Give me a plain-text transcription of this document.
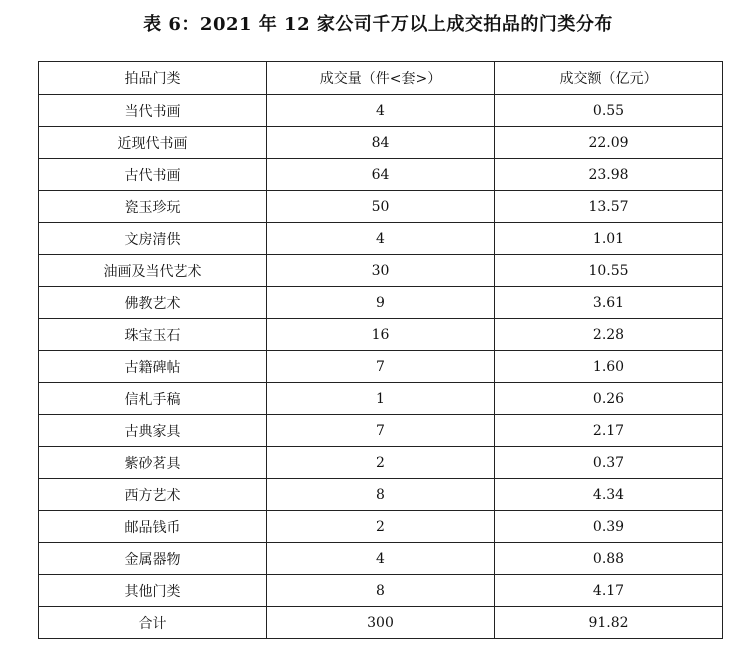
表 6：2021 年 12 家公司千万以上成交拍品的门类分布
拍品门类	成交量（件<套>）	成交额（亿元）
当代书画	4	0.55
近现代书画	84	22.09
古代书画	64	23.98
瓷玉珍玩	50	13.57
文房清供	4	1.01
油画及当代艺术	30	10.55
佛教艺术	9	3.61
珠宝玉石	16	2.28
古籍碑帖	7	1.60
信札手稿	1	0.26
古典家具	7	2.17
紫砂茗具	2	0.37
西方艺术	8	4.34
邮品钱币	2	0.39
金属器物	4	0.88
其他门类	8	4.17
合计	300	91.82
